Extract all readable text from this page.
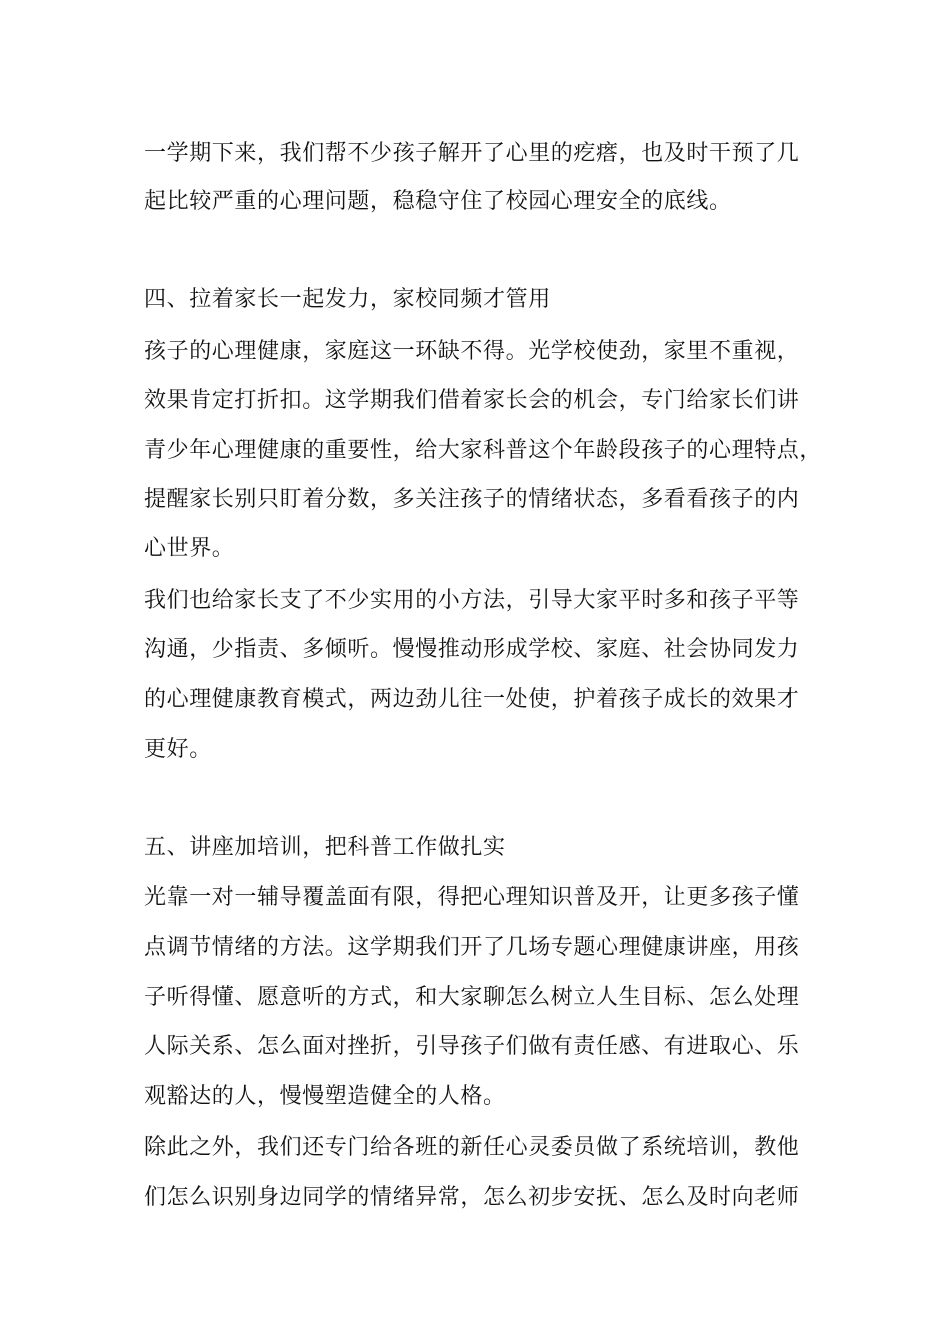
一学期下来，我们帮不少孩子解开了心里的疙瘩，也及时干预了几
起比较严重的心理问题，稳稳守住了校园心理安全的底线。
四、拉着家长一起发力，家校同频才管用
孩子的心理健康，家庭这一环缺不得。光学校使劲，家里不重视，
效果肯定打折扣。这学期我们借着家长会的机会，专门给家长们讲
青少年心理健康的重要性，给大家科普这个年龄段孩子的心理特点，
提醒家长别只盯着分数，多关注孩子的情绪状态，多看看孩子的内
心世界。
我们也给家长支了不少实用的小方法，引导大家平时多和孩子平等
沟通，少指责、多倾听。慢慢推动形成学校、家庭、社会协同发力
的心理健康教育模式，两边劲儿往一处使，护着孩子成长的效果才
更好。
五、讲座加培训，把科普工作做扎实
光靠一对一辅导覆盖面有限，得把心理知识普及开，让更多孩子懂
点调节情绪的方法。这学期我们开了几场专题心理健康讲座，用孩
子听得懂、愿意听的方式，和大家聊怎么树立人生目标、怎么处理
人际关系、怎么面对挫折，引导孩子们做有责任感、有进取心、乐
观豁达的人，慢慢塑造健全的人格。
除此之外，我们还专门给各班的新任心灵委员做了系统培训，教他
们怎么识别身边同学的情绪异常，怎么初步安抚、怎么及时向老师
